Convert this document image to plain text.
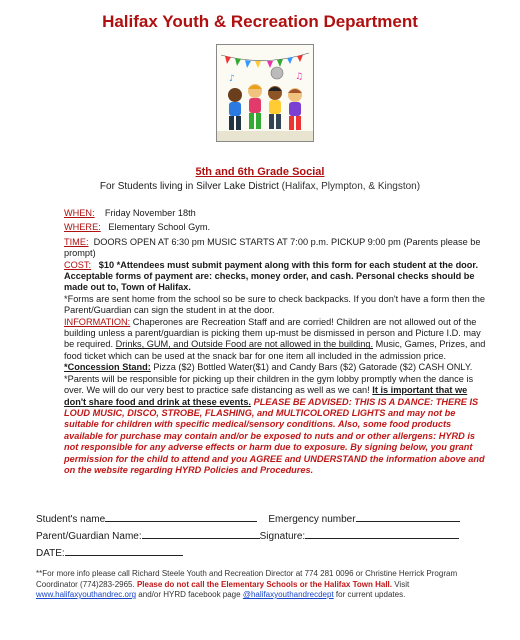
Halifax Youth & Recreation Department
♪	♫
5th and 6th Grade Social
For Students living in Silver Lake District (Halifax, Plympton, & Kingston)

WHEN: Friday November 18th

WHERE: Elementary School Gym.

TIME: DOORS OPEN AT 6:30 pm MUSIC STARTS AT 7:00 p.m. PICKUP 9:00 pm (Parents please be prompt)

COST: $10 *Attendees must submit payment along with this form for each student at the door. Acceptable forms of payment are: checks, money order, and cash. Personal checks should be made out to, Town of Halifax.

*Forms are sent home from the school so be sure to check backpacks. If you don't have a form then the Parent/Guardian can sign the student in at the door.

INFORMATION: Chaperones are Recreation Staff and are corried! Children are not allowed out of the building unless a parent/guardian is picking them up-must be dismissed in person and Picture I.D. may be required. Drinks, GUM, and Outside Food are not allowed in the building. Music, Games, Prizes, and food ticket which can be used at the snack bar for one item all included in the admission price. *Concession Stand: Pizza ($2) Bottled Water($1) and Candy Bars ($2) Gatorade ($2) CASH ONLY. *Parents will be responsible for picking up their children in the gym lobby promptly when the dance is over. We will do our very best to practice safe distancing as well as we can! It is important that we don't share food and drink at these events. PLEASE BE ADVISED: THIS IS A DANCE: THERE IS LOUD MUSIC, DISCO, STROBE, FLASHING, and MULTICOLORED LIGHTS and may not be suitable for children with specific medical/sensory conditions. Also, some food products available for purchase may contain and/or be exposed to nuts and or other allergens: HYRD is not responsible for any adverse effects or harm due to exposure. By signing below, you grant permission for the child to attend and you AGREE and UNDERSTAND the information above and on the website regarding HYRD Policies and Procedures.

Student's name	Emergency number
Parent/Guardian Name:	Signature:
DATE:
**For more info please call Richard Steele Youth and Recreation Director at 774 281 0096 or Christine Herrick Program Coordinator (774)283-2965. Please do not call the Elementary Schools or the Halifax Town Hall. Visit www.halifaxyouthandrec.org and/or HYRD facebook page @halifaxyouthandrecdept for current updates.
